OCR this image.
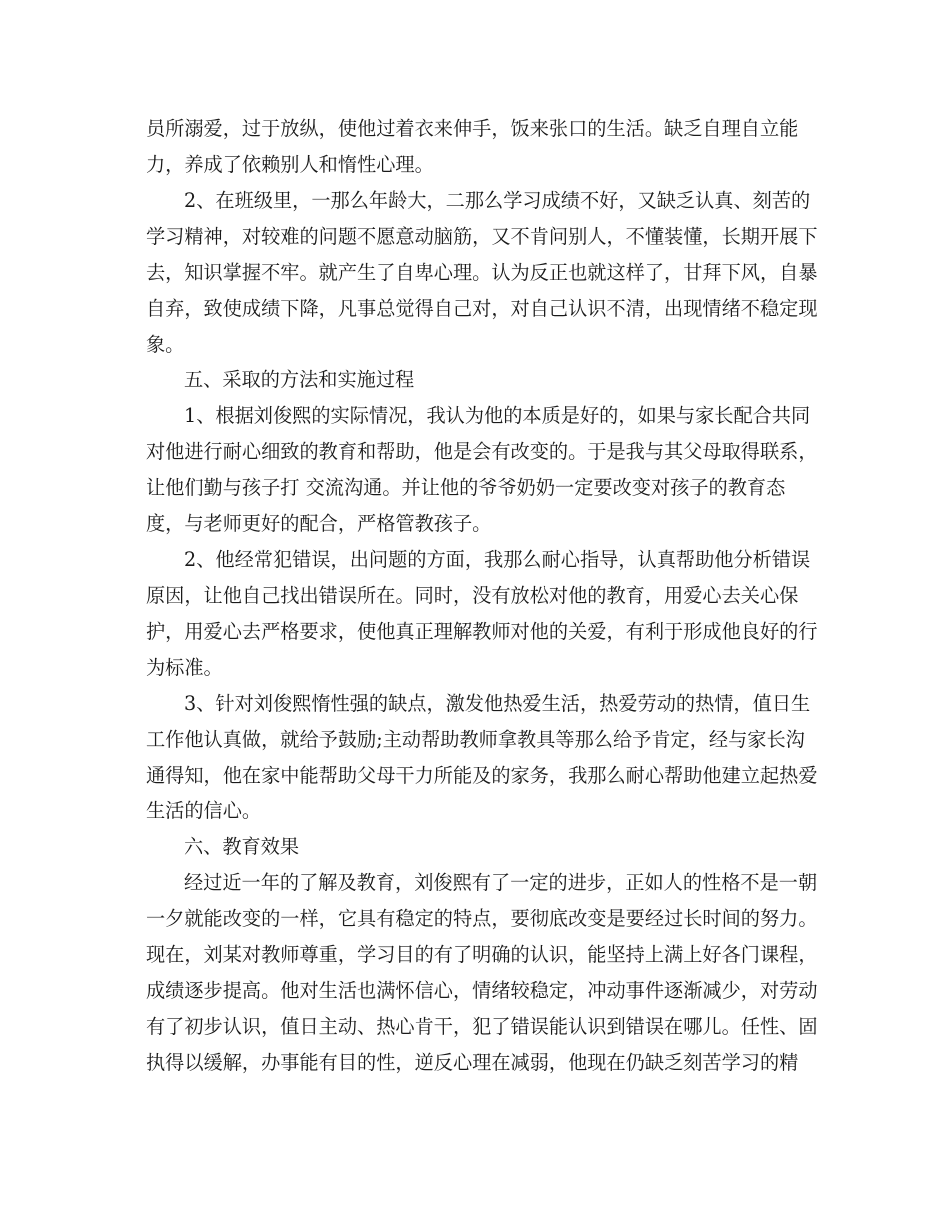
员所溺爱，过于放纵，使他过着衣来伸手，饭来张口的生活。缺乏自理自立能
力，养成了依赖别人和惰性心理。
2、在班级里，一那么年龄大，二那么学习成绩不好，又缺乏认真、刻苦的
学习精神，对较难的问题不愿意动脑筋，又不肯问别人，不懂装懂，长期开展下
去，知识掌握不牢。就产生了自卑心理。认为反正也就这样了，甘拜下风，自暴
自弃，致使成绩下降，凡事总觉得自己对，对自己认识不清，出现情绪不稳定现
象。
五、采取的方法和实施过程
1、根据刘俊熙的实际情况，我认为他的本质是好的，如果与家长配合共同
对他进行耐心细致的教育和帮助，他是会有改变的。于是我与其父母取得联系，
让他们勤与孩子打 交流沟通。并让他的爷爷奶奶一定要改变对孩子的教育态
度，与老师更好的配合，严格管教孩子。
2、他经常犯错误，出问题的方面，我那么耐心指导，认真帮助他分析错误
原因，让他自己找出错误所在。同时，没有放松对他的教育，用爱心去关心保
护，用爱心去严格要求，使他真正理解教师对他的关爱，有利于形成他良好的行
为标准。
3、针对刘俊熙惰性强的缺点，激发他热爱生活，热爱劳动的热情，值日生
工作他认真做，就给予鼓励;主动帮助教师拿教具等那么给予肯定，经与家长沟
通得知，他在家中能帮助父母干力所能及的家务，我那么耐心帮助他建立起热爱
生活的信心。
六、教育效果
经过近一年的了解及教育，刘俊熙有了一定的进步，正如人的性格不是一朝
一夕就能改变的一样，它具有稳定的特点，要彻底改变是要经过长时间的努力。
现在，刘某对教师尊重，学习目的有了明确的认识，能坚持上满上好各门课程，
成绩逐步提高。他对生活也满怀信心，情绪较稳定，冲动事件逐渐减少，对劳动
有了初步认识，值日主动、热心肯干，犯了错误能认识到错误在哪儿。任性、固
执得以缓解，办事能有目的性，逆反心理在减弱，他现在仍缺乏刻苦学习的精
